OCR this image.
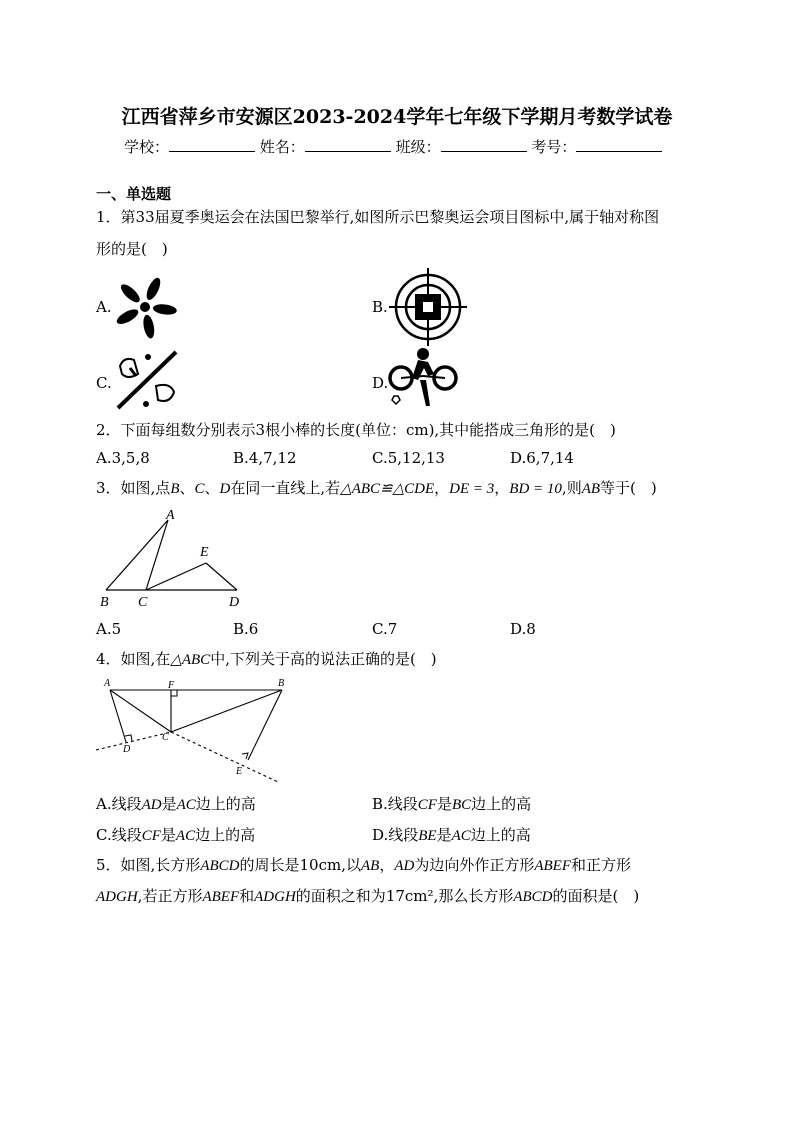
江西省萍乡市安源区2023-2024学年七年级下学期月考数学试卷
学校：	姓名：	班级：	考号：
一、单选题
1．第33届夏季奥运会在法国巴黎举行,如图所示巴黎奥运会项目图标中,属于轴对称图
形的是(　)
A.	B.
C.	D.
2．下面每组数分别表示3根小棒的长度(单位：cm),其中能搭成三角形的是(　)
A.3,5,8	B.4,7,12	C.5,12,13	D.6,7,14
3．如图,点B、C、D在同一直线上,若△ABC≌△CDE，DE = 3，BD = 10,则AB等于(　)
A
E
B C	D
A.5	B.6	C.7	D.8
4．如图,在△ABC中,下列关于高的说法正确的是(　)
A	F	B
C
D
E
A.线段AD是AC边上的高	B.线段CF是BC边上的高
C.线段CF是AC边上的高	D.线段BE是AC边上的高
5．如图,长方形ABCD的周长是10cm,以AB，AD为边向外作正方形ABEF和正方形
ADGH,若正方形ABEF和ADGH的面积之和为17cm²,那么长方形ABCD的面积是(　)
